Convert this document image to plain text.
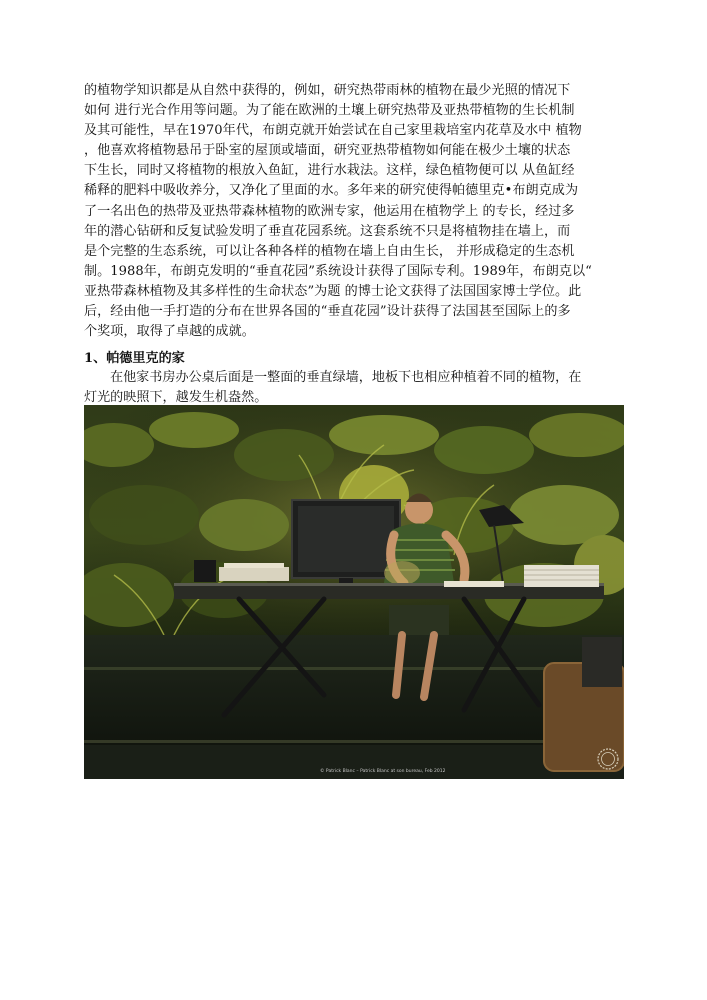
的植物学知识都是从自然中获得的，例如，研究热带雨林的植物在最少光照的情况下
如何 进行光合作用等问题。为了能在欧洲的土壤上研究热带及亚热带植物的生长机制
及其可能性，早在1970年代，布朗克就开始尝试在自己家里栽培室内花草及水中 植物
，他喜欢将植物悬吊于卧室的屋顶或墙面，研究亚热带植物如何能在极少土壤的状态
下生长，同时又将植物的根放入鱼缸，进行水栽法。这样，绿色植物便可以 从鱼缸经
稀释的肥料中吸收养分，又净化了里面的水。多年来的研究使得帕德里克•布朗克成为
了一名出色的热带及亚热带森林植物的欧洲专家，他运用在植物学上 的专长，经过多
年的潜心钻研和反复试验发明了垂直花园系统。这套系统不只是将植物挂在墙上，而
是个完整的生态系统，可以让各种各样的植物在墙上自由生长， 并形成稳定的生态机
制。1988年，布朗克发明的“垂直花园”系统设计获得了国际专利。1989年，布朗克以“
亚热带森林植物及其多样性的生命状态”为题 的博士论文获得了法国国家博士学位。此
后，经由他一手打造的分布在世界各国的“垂直花园”设计获得了法国甚至国际上的多
个奖项，取得了卓越的成就。
1、帕德里克的家
在他家书房办公桌后面是一整面的垂直绿墙，地板下也相应种植着不同的植物，在
灯光的映照下，越发生机盎然。
© Patrick Blanc – Patrick Blanc at son bureau, Feb 2012
